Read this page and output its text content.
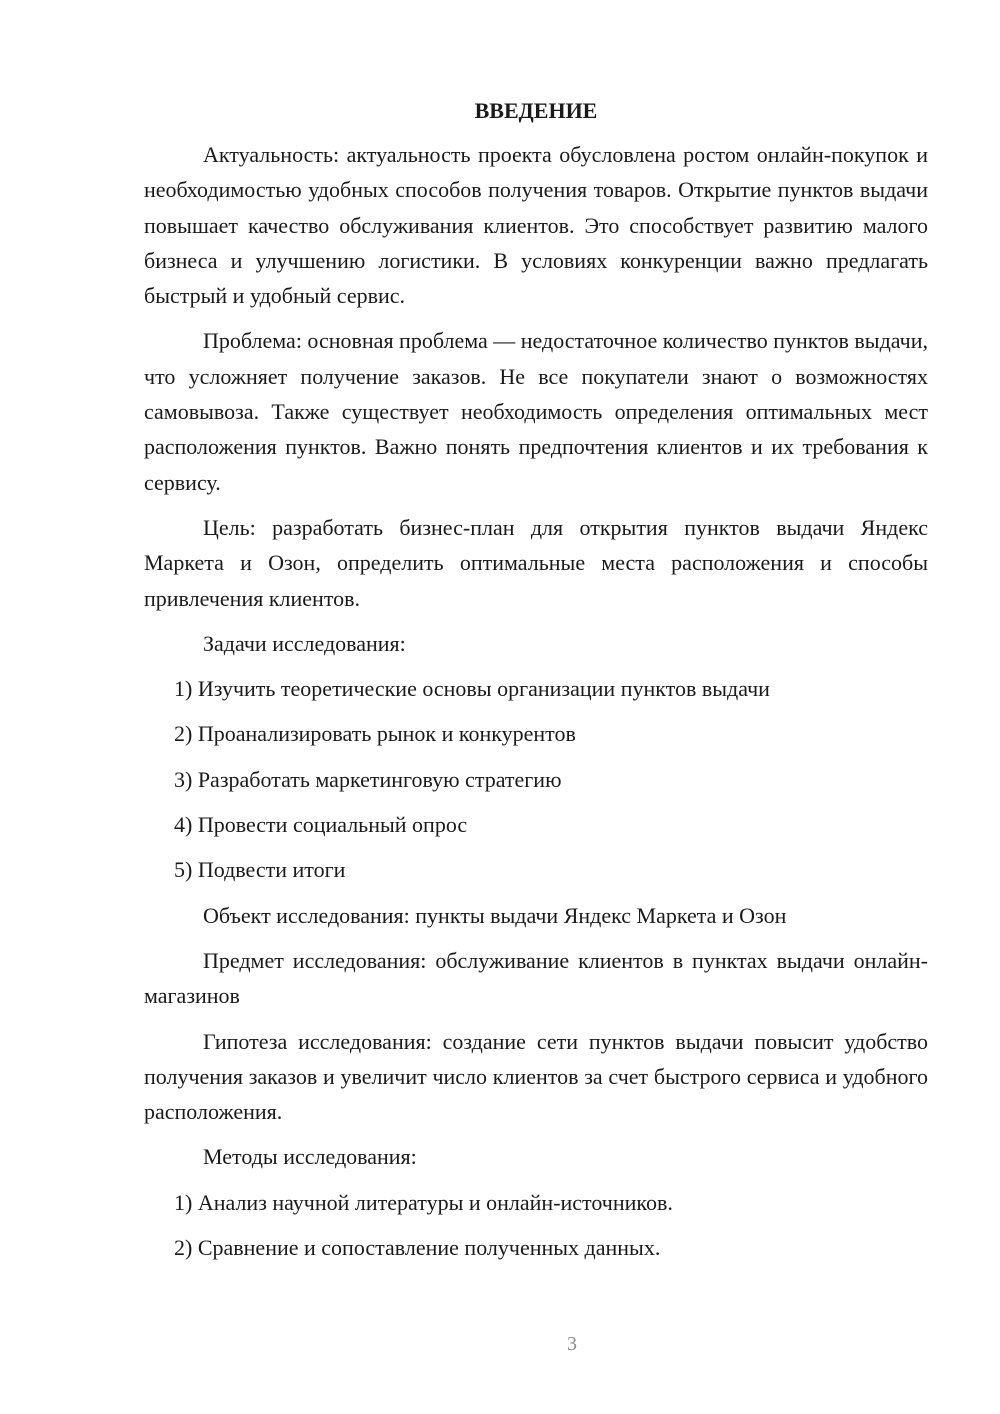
ВВЕДЕНИЕ

Актуальность: актуальность проекта обусловлена ростом онлайн-покупок и необходимостью удобных способов получения товаров. Открытие пунктов выдачи повышает качество обслуживания клиентов. Это способствует развитию малого бизнеса и улучшению логистики. В условиях конкуренции важно предлагать быстрый и удобный сервис.

Проблема: основная проблема — недостаточное количество пунктов выдачи, что усложняет получение заказов. Не все покупатели знают о возможностях самовывоза. Также существует необходимость определения оптимальных мест расположения пунктов. Важно понять предпочтения клиентов и их требования к сервису.

Цель: разработать бизнес-план для открытия пунктов выдачи Яндекс Маркета и Озон, определить оптимальные места расположения и способы привлечения клиентов.

Задачи исследования:

1) Изучить теоретические основы организации пунктов выдачи

2) Проанализировать рынок и конкурентов

3) Разработать маркетинговую стратегию

4) Провести социальный опрос

5) Подвести итоги

Объект исследования: пункты выдачи Яндекс Маркета и Озон

Предмет исследования: обслуживание клиентов в пунктах выдачи онлайн-магазинов

Гипотеза исследования: создание сети пунктов выдачи повысит удобство получения заказов и увеличит число клиентов за счет быстрого сервиса и удобного расположения.

Методы исследования:

1) Анализ научной литературы и онлайн-источников.

2) Сравнение и сопоставление полученных данных.

3
